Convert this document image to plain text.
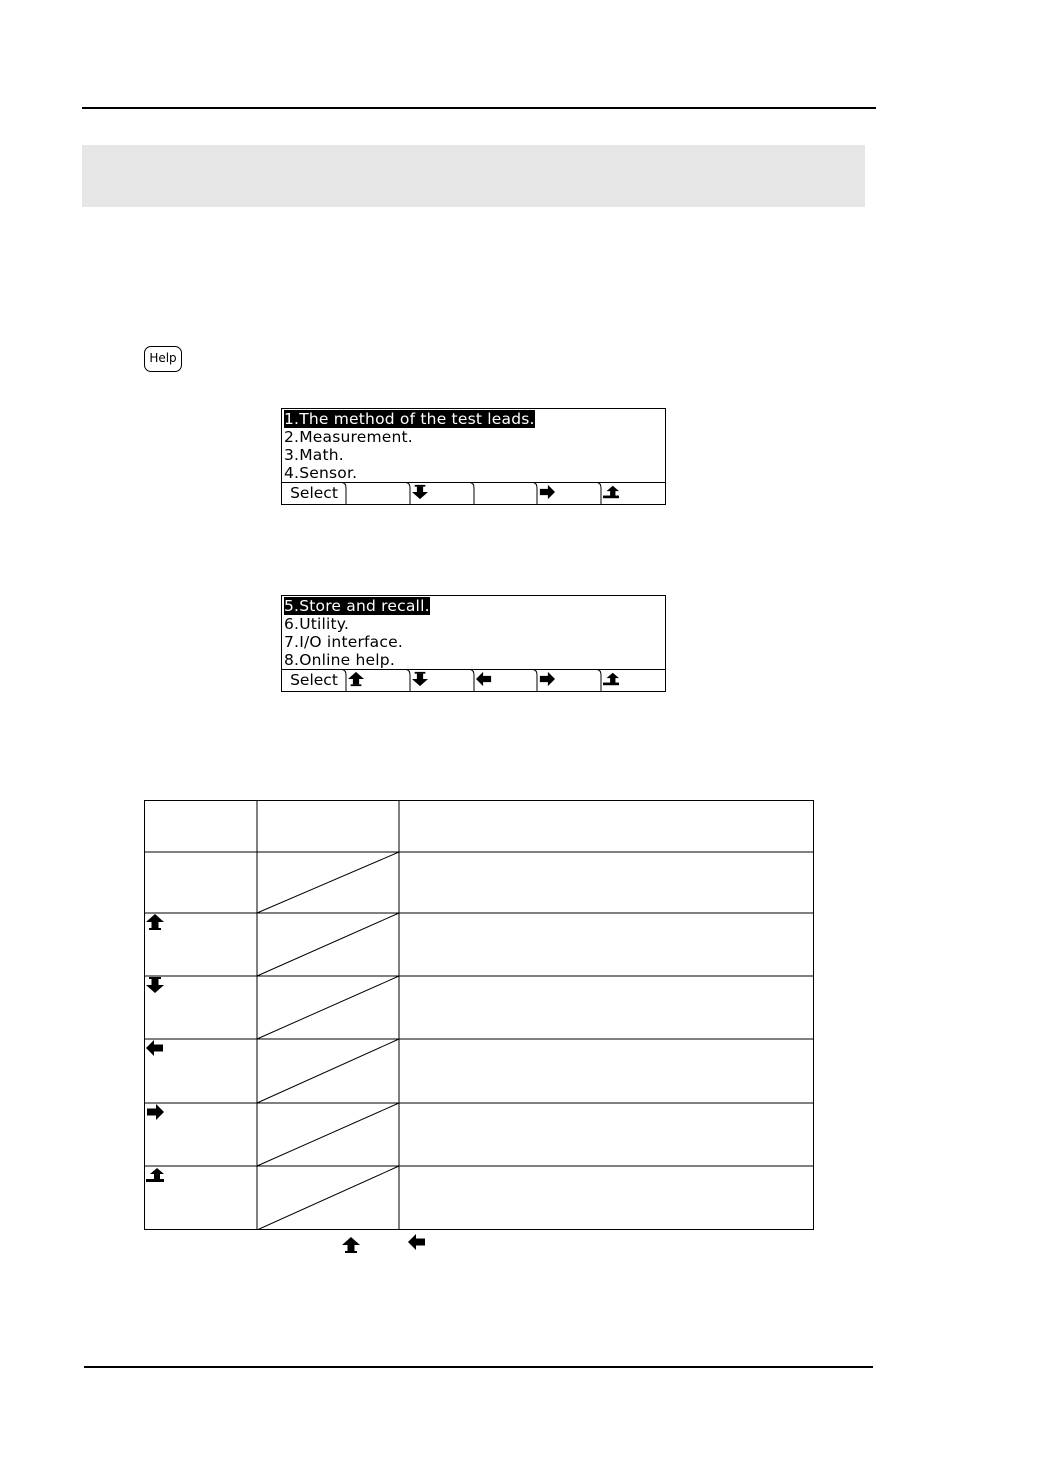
Help
1.The method of the test leads.
2.Measurement.
3.Math.
4.Sensor.
Select
5.Store and recall.
6.Utility.
7.I/O interface.
8.Online help.
Select
